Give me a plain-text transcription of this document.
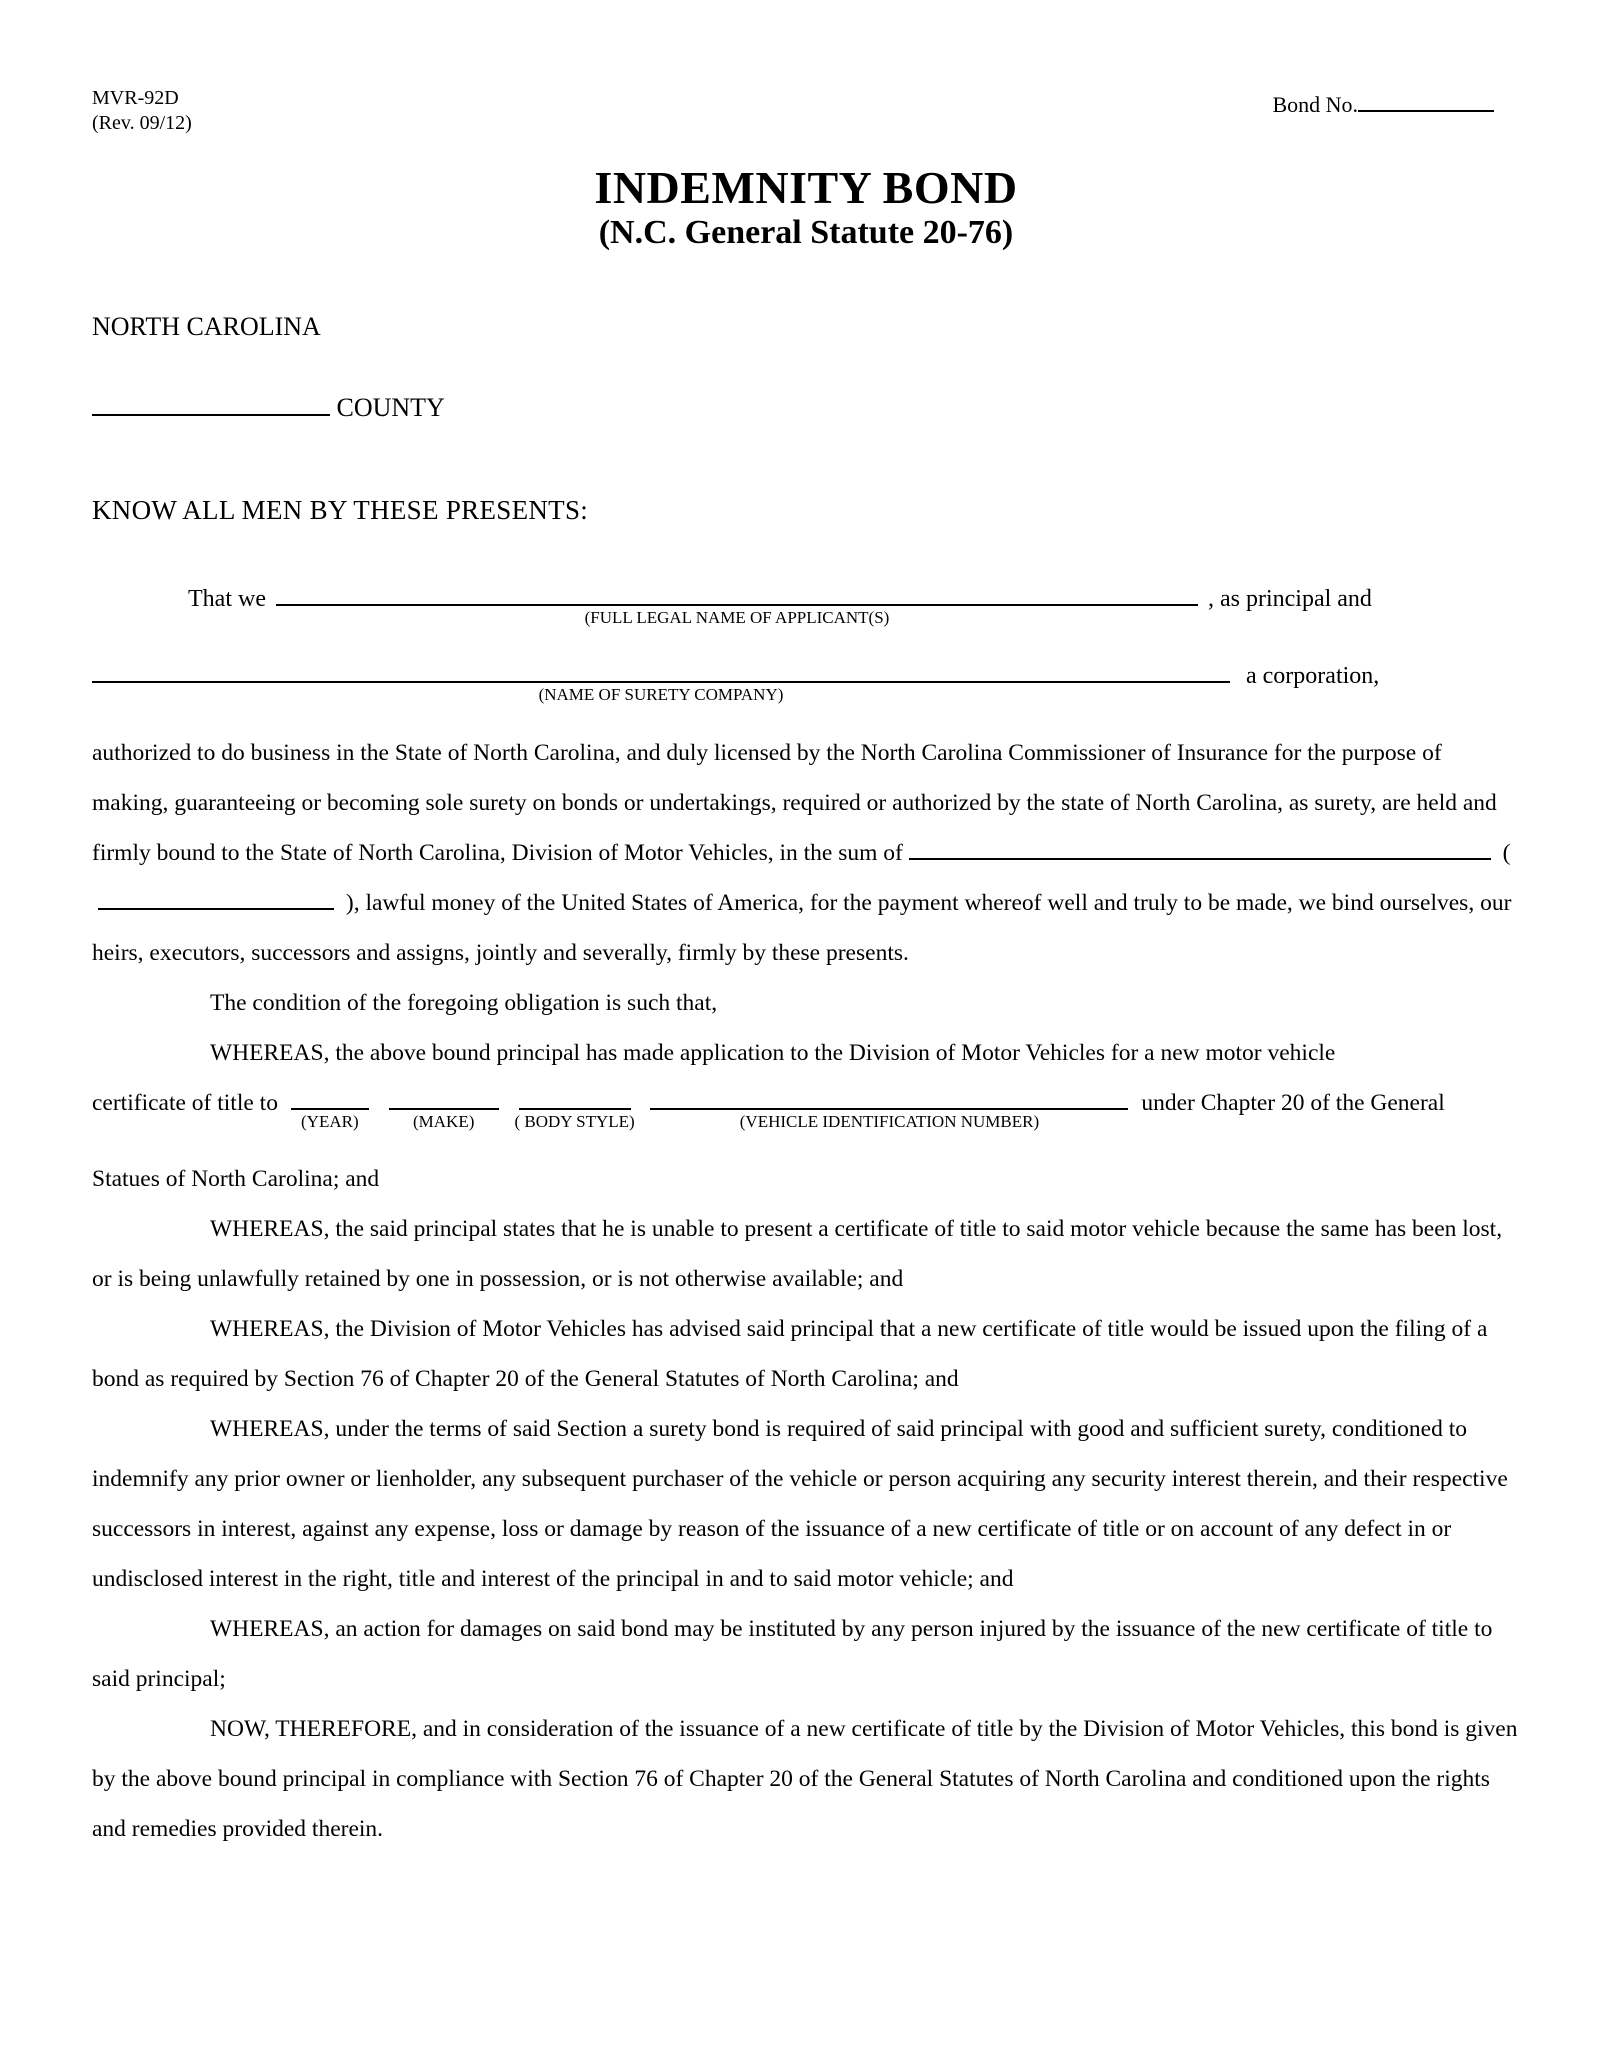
MVR-92D
(Rev. 09/12)
Bond No.
INDEMNITY BOND
(N.C. General Statute 20-76)
NORTH CAROLINA
COUNTY
KNOW ALL MEN BY THESE PRESENTS:
That we
(FULL LEGAL NAME OF APPLICANT(S)
, as principal and
(NAME OF SURETY COMPANY)
a corporation,

authorized to do business in the State of North Carolina, and duly licensed by the North Carolina Commissioner of Insurance for the purpose of making, guaranteeing or becoming sole surety on bonds or undertakings, required or authorized by the state of North Carolina, as surety, are held and firmly bound to the State of North Carolina, Division of Motor Vehicles, in the sum of	(  ), lawful money of the United States of America, for the payment whereof well and truly to be made, we bind ourselves, our heirs, executors, successors and assigns, jointly and severally, firmly by these presents.

The condition of the foregoing obligation is such that,

WHEREAS, the above bound principal has made application to the Division of Motor Vehicles for a new motor vehicle

certificate of title to
(YEAR)
	(MAKE)
( BODY STYLE)
	(VEHICLE IDENTIFICATION NUMBER)
under Chapter 20 of the General
Statues of North Carolina; and

WHEREAS, the said principal states that he is unable to present a certificate of title to said motor vehicle because the same has been lost, or is being unlawfully retained by one in possession, or is not otherwise available; and

WHEREAS, the Division of Motor Vehicles has advised said principal that a new certificate of title would be issued upon the filing of a bond as required by Section 76 of Chapter 20 of the General Statutes of North Carolina; and

WHEREAS, under the terms of said Section a surety bond is required of said principal with good and sufficient surety, conditioned to indemnify any prior owner or lienholder, any subsequent purchaser of the vehicle or person acquiring any security interest therein, and their respective successors in interest, against any expense, loss or damage by reason of the issuance of a new certificate of title or on account of any defect in or undisclosed interest in the right, title and interest of the principal in and to said motor vehicle; and

WHEREAS, an action for damages on said bond may be instituted by any person injured by the issuance of the new certificate of title to said principal;

NOW, THEREFORE, and in consideration of the issuance of a new certificate of title by the Division of Motor Vehicles, this bond is given by the above bound principal in compliance with Section 76 of Chapter 20 of the General Statutes of North Carolina and conditioned upon the rights and remedies provided therein.
